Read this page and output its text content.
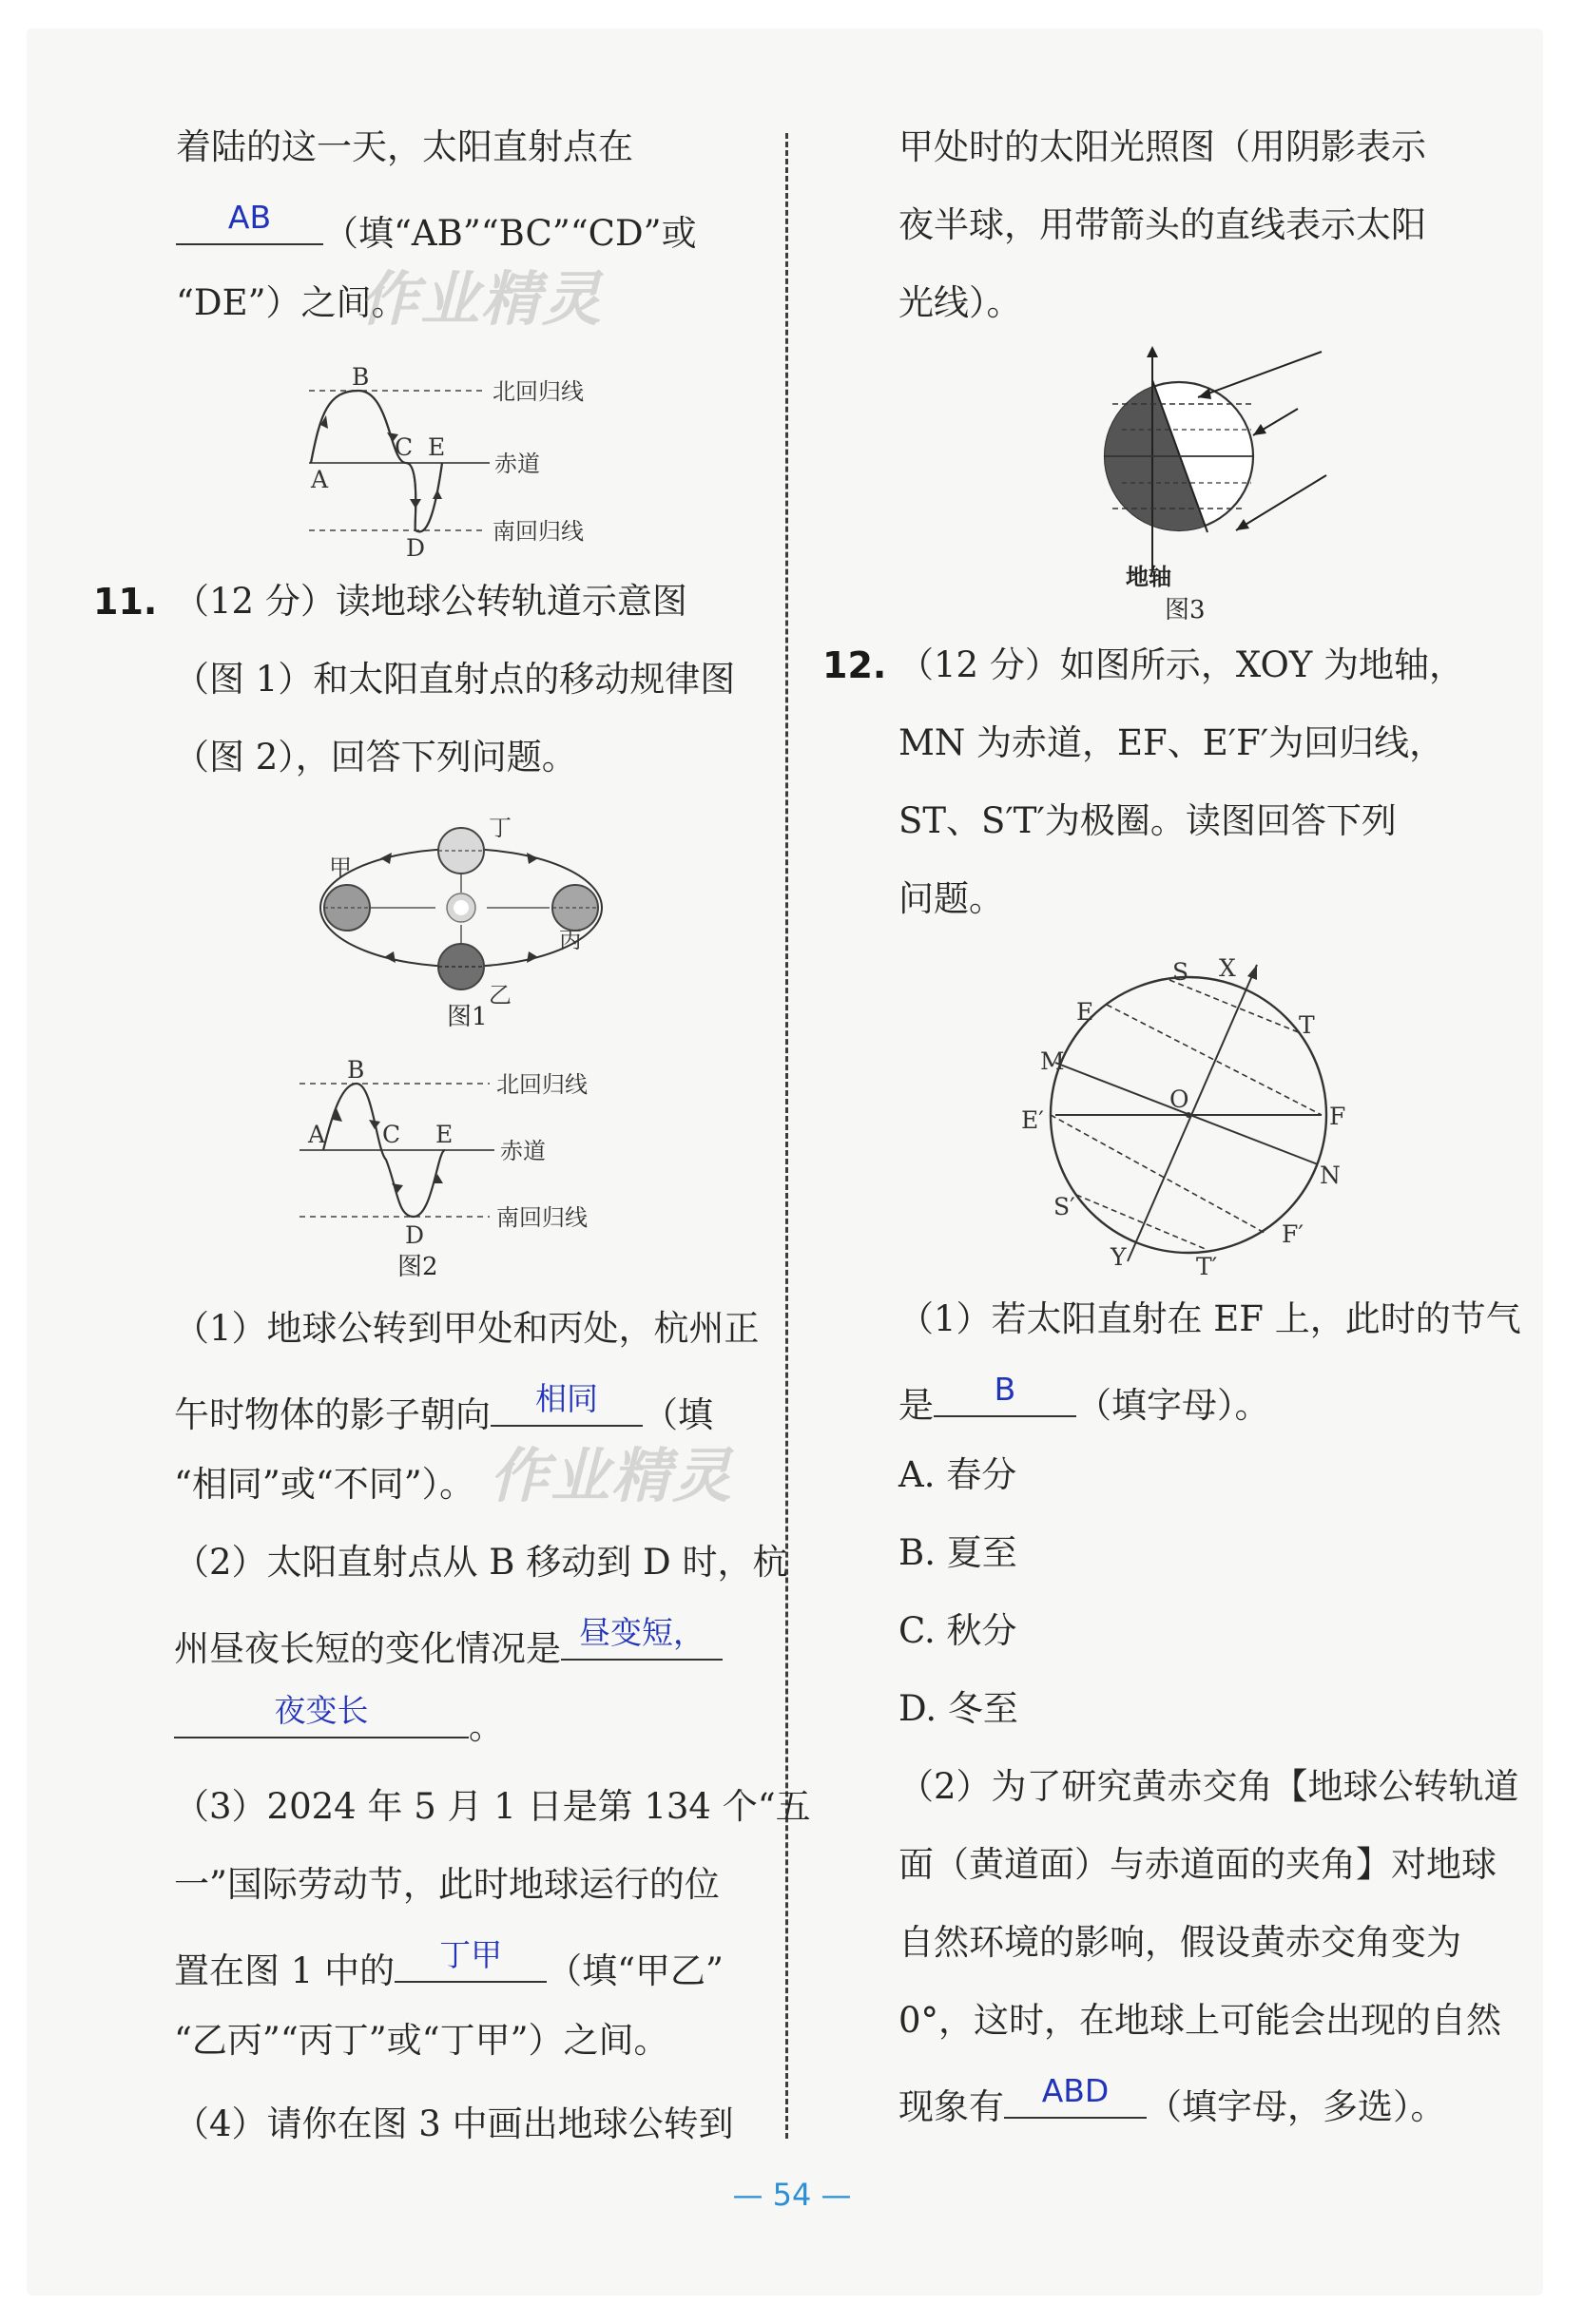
着陆的这一天，太阳直射点在
AB	（填“AB”“BC”“CD”或
“DE”）之间。
作业精灵
B
A
C E
D
北回归线
赤道
南回归线
11. （12 分）读地球公转轨道示意图
（图 1）和太阳直射点的移动规律图
（图 2），回答下列问题。
甲
丁
丙
乙
图1
B
A C E
D
北回归线
赤道
南回归线
图2
（1）地球公转到甲处和丙处，杭州正
午时物体的影子朝向	相同	（填
“相同”或“不同”）。 作业精灵
（2）太阳直射点从 B 移动到 D 时，杭
州昼夜长短的变化情况是 昼变短，
夜变长	。
（3）2024 年 5 月 1 日是第 134 个“五
一”国际劳动节，此时地球运行的位
置在图 1 中的	丁甲	（填“甲乙”
“乙丙”“丙丁”或“丁甲”）之间。
（4）请你在图 3 中画出地球公转到
甲处时的太阳光照图（用阴影表示
夜半球，用带箭头的直线表示太阳
光线）。
地轴
图3
12. （12 分）如图所示，XOY 为地轴，
MN 为赤道，EF、E′F′为回归线，
ST、S′T′为极圈。读图回答下列
问题。
S X
T
E
M
O
E′	F
N
S′
F′
Y	T′
（1）若太阳直射在 EF 上，此时的节气
是	B	（填字母）。
A. 春分
B. 夏至
C. 秋分
D. 冬至
（2）为了研究黄赤交角【地球公转轨道
面（黄道面）与赤道面的夹角】对地球
自然环境的影响，假设黄赤交角变为
0°，这时，在地球上可能会出现的自然
现象有	ABD	（填字母，多选）。
— 54 —
